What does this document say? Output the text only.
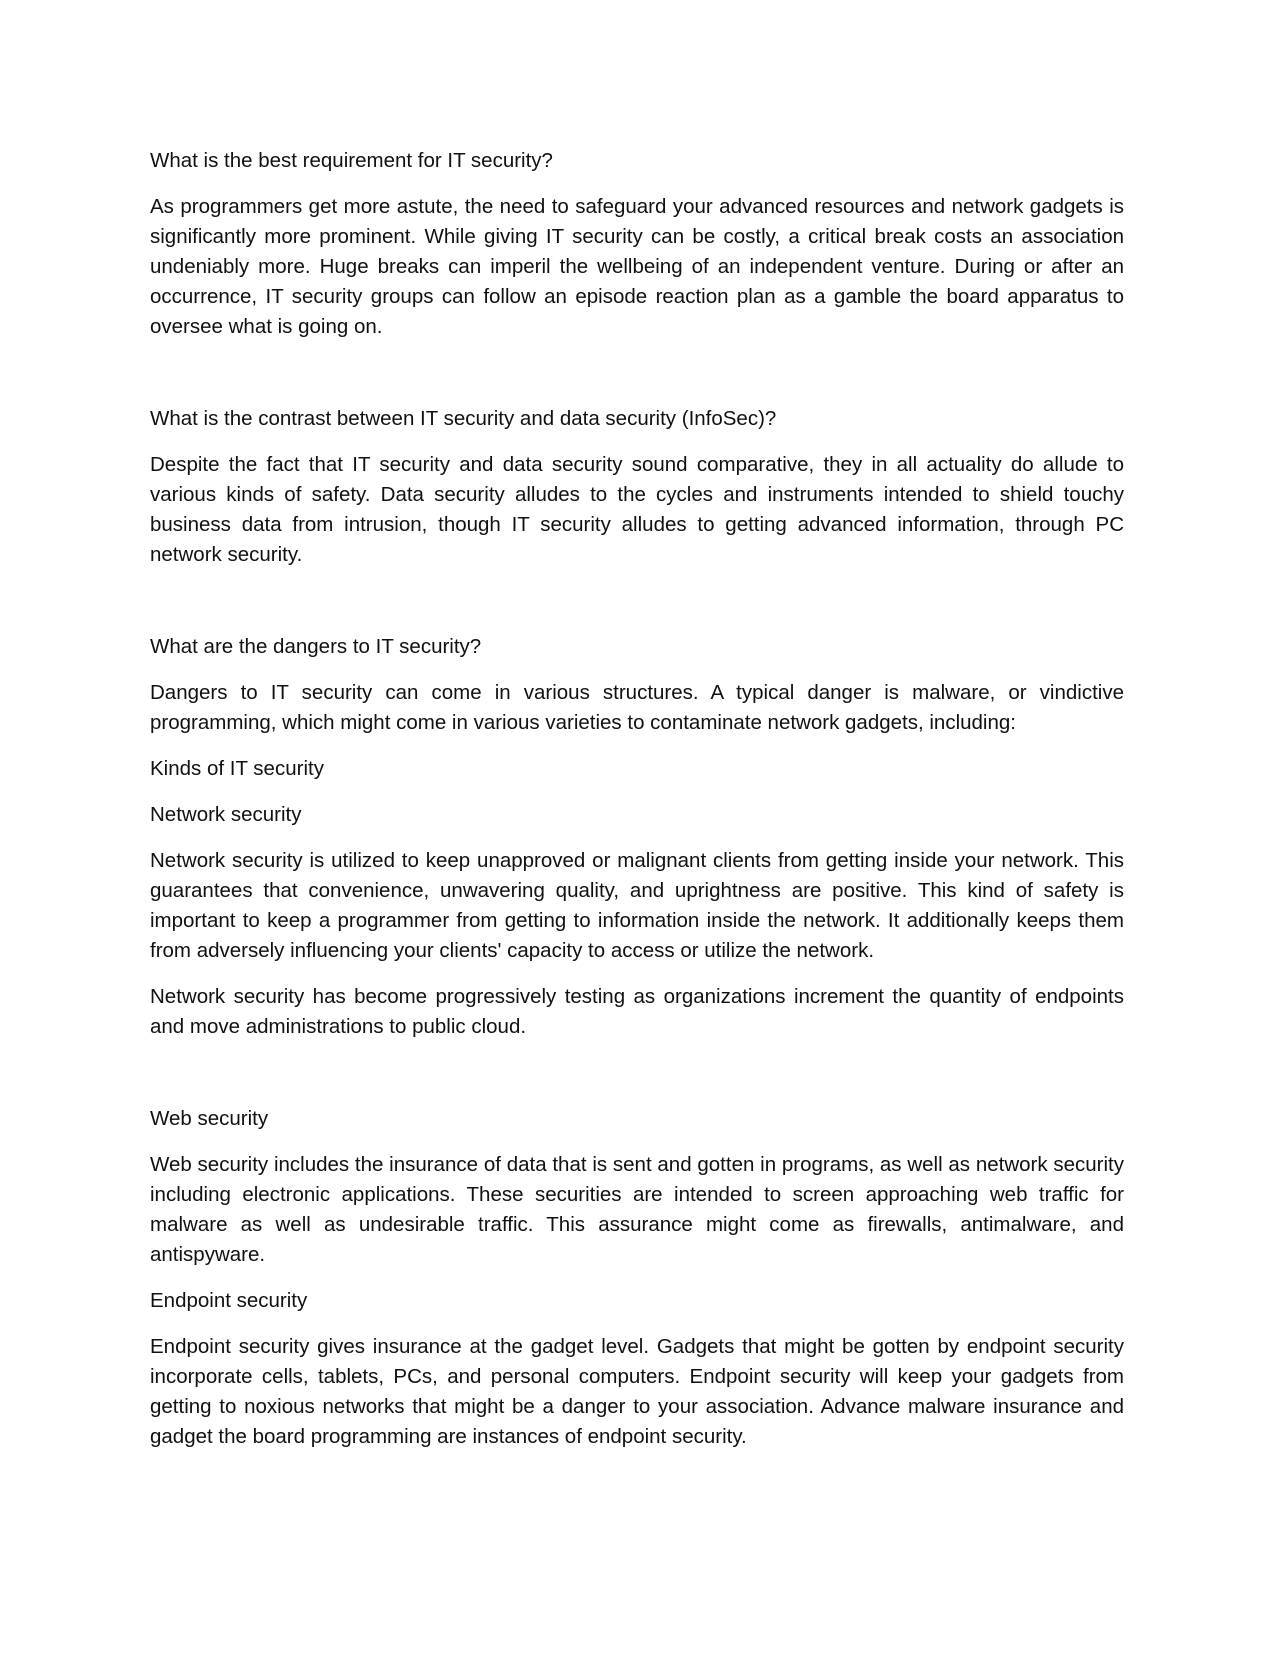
What is the best requirement for IT security?

As programmers get more astute, the need to safeguard your advanced resources and network gadgets is significantly more prominent. While giving IT security can be costly, a critical break costs an association undeniably more. Huge breaks can imperil the wellbeing of an independent venture. During or after an occurrence, IT security groups can follow an episode reaction plan as a gamble the board apparatus to oversee what is going on.

What is the contrast between IT security and data security (InfoSec)?

Despite the fact that IT security and data security sound comparative, they in all actuality do allude to various kinds of safety. Data security alludes to the cycles and instruments intended to shield touchy business data from intrusion, though IT security alludes to getting advanced information, through PC network security.

What are the dangers to IT security?

Dangers to IT security can come in various structures. A typical danger is malware, or vindictive programming, which might come in various varieties to contaminate network gadgets, including:

Kinds of IT security

Network security

Network security is utilized to keep unapproved or malignant clients from getting inside your network. This guarantees that convenience, unwavering quality, and uprightness are positive. This kind of safety is important to keep a programmer from getting to information inside the network. It additionally keeps them from adversely influencing your clients' capacity to access or utilize the network.

Network security has become progressively testing as organizations increment the quantity of endpoints and move administrations to public cloud.

Web security

Web security includes the insurance of data that is sent and gotten in programs, as well as network security including electronic applications. These securities are intended to screen approaching web traffic for malware as well as undesirable traffic. This assurance might come as firewalls, antimalware, and antispyware.

Endpoint security

Endpoint security gives insurance at the gadget level. Gadgets that might be gotten by endpoint security incorporate cells, tablets, PCs, and personal computers. Endpoint security will keep your gadgets from getting to noxious networks that might be a danger to your association. Advance malware insurance and gadget the board programming are instances of endpoint security.
